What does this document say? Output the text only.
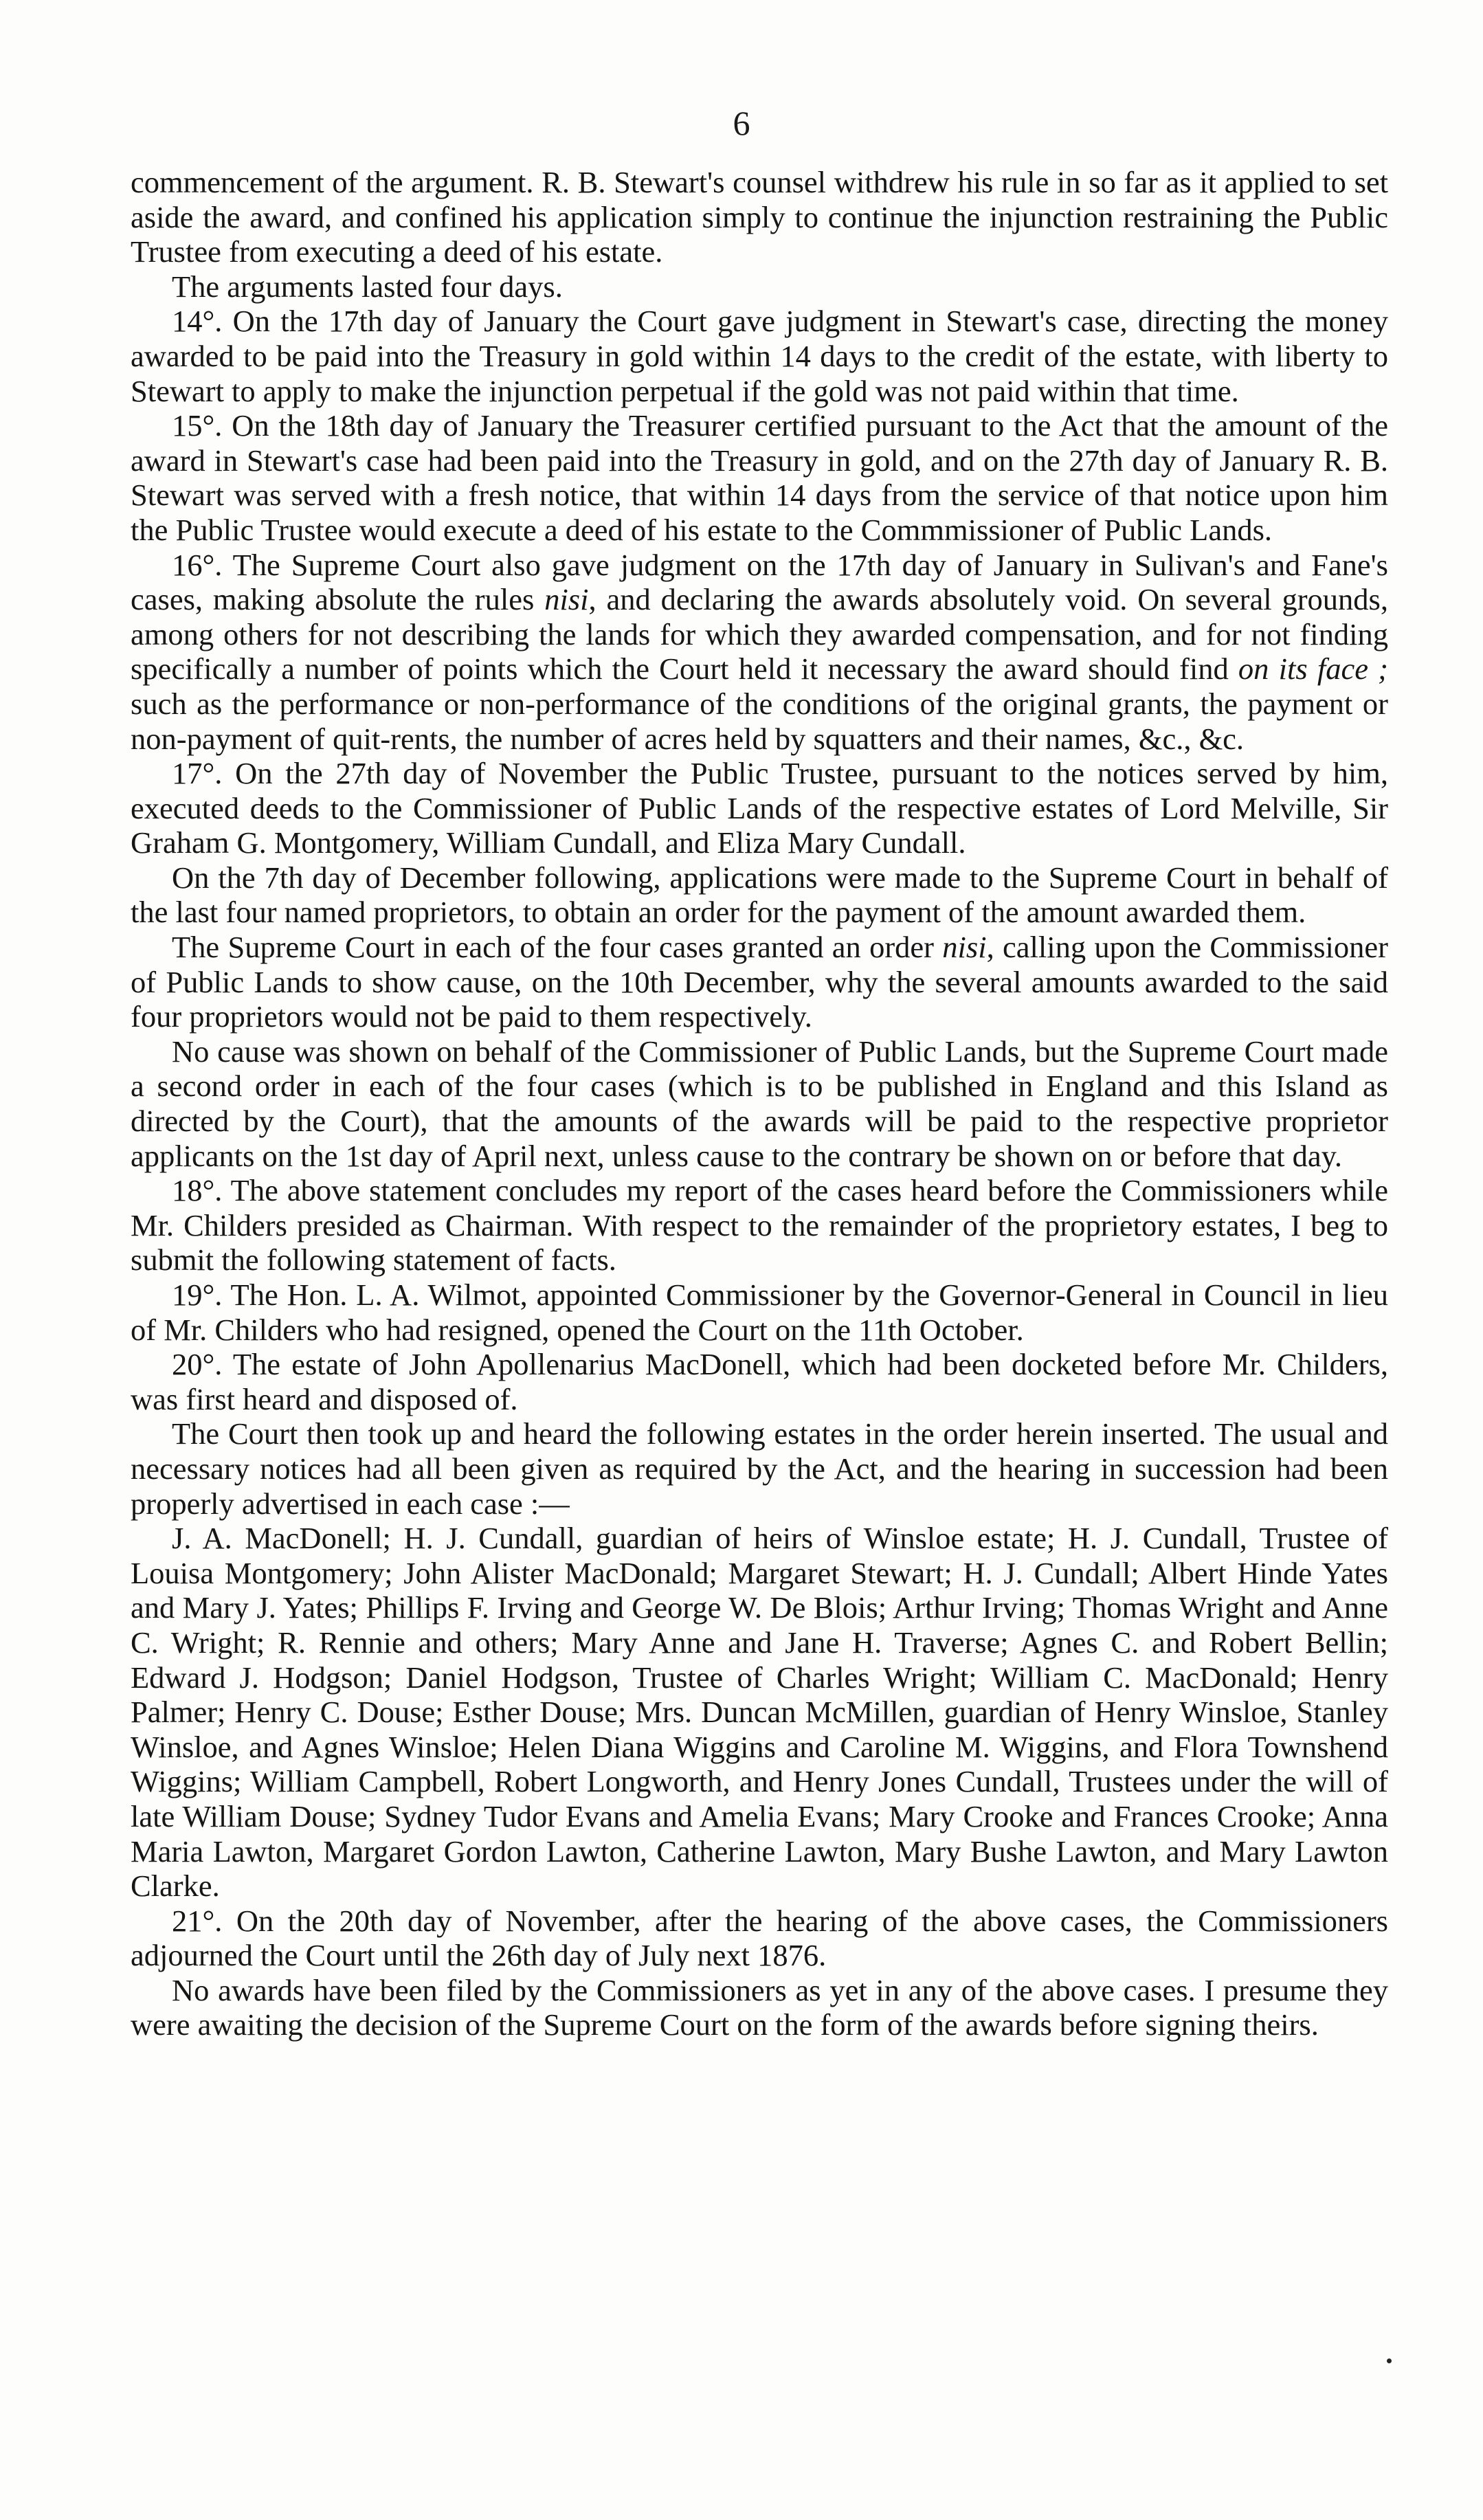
6

commencement of the argument. R. B. Stewart's counsel withdrew his rule in so far as it applied to set aside the award, and confined his application simply to continue the injunction restraining the Public Trustee from executing a deed of his estate.

The arguments lasted four days.

14°. On the 17th day of January the Court gave judgment in Stewart's case, directing the money awarded to be paid into the Treasury in gold within 14 days to the credit of the estate, with liberty to Stewart to apply to make the injunction perpetual if the gold was not paid within that time.

15°. On the 18th day of January the Treasurer certified pursuant to the Act that the amount of the award in Stewart's case had been paid into the Treasury in gold, and on the 27th day of January R. B. Stewart was served with a fresh notice, that within 14 days from the service of that notice upon him the Public Trustee would execute a deed of his estate to the Commmissioner of Public Lands.

16°. The Supreme Court also gave judgment on the 17th day of January in Sulivan's and Fane's cases, making absolute the rules nisi, and declaring the awards absolutely void. On several grounds, among others for not describing the lands for which they awarded compensation, and for not finding specifically a number of points which the Court held it necessary the award should find on its face ; such as the performance or non-performance of the conditions of the original grants, the payment or non-payment of quit-rents, the number of acres held by squatters and their names, &c., &c.

17°. On the 27th day of November the Public Trustee, pursuant to the notices served by him, executed deeds to the Commissioner of Public Lands of the respective estates of Lord Melville, Sir Graham G. Montgomery, William Cundall, and Eliza Mary Cundall.

On the 7th day of December following, applications were made to the Supreme Court in behalf of the last four named proprietors, to obtain an order for the payment of the amount awarded them.

The Supreme Court in each of the four cases granted an order nisi, calling upon the Commissioner of Public Lands to show cause, on the 10th December, why the several amounts awarded to the said four proprietors would not be paid to them respectively.

No cause was shown on behalf of the Commissioner of Public Lands, but the Supreme Court made a second order in each of the four cases (which is to be published in England and this Island as directed by the Court), that the amounts of the awards will be paid to the respective proprietor applicants on the 1st day of April next, unless cause to the contrary be shown on or before that day.

18°. The above statement concludes my report of the cases heard before the Commissioners while Mr. Childers presided as Chairman. With respect to the remainder of the proprietory estates, I beg to submit the following statement of facts.

19°. The Hon. L. A. Wilmot, appointed Commissioner by the Governor-General in Council in lieu of Mr. Childers who had resigned, opened the Court on the 11th October.

20°. The estate of John Apollenarius MacDonell, which had been docketed before Mr. Childers, was first heard and disposed of.

The Court then took up and heard the following estates in the order herein inserted. The usual and necessary notices had all been given as required by the Act, and the hearing in succession had been properly advertised in each case :—

J. A. MacDonell; H. J. Cundall, guardian of heirs of Winsloe estate; H. J. Cundall, Trustee of Louisa Montgomery; John Alister MacDonald; Margaret Stewart; H. J. Cundall; Albert Hinde Yates and Mary J. Yates; Phillips F. Irving and George W. De Blois; Arthur Irving; Thomas Wright and Anne C. Wright; R. Rennie and others; Mary Anne and Jane H. Traverse; Agnes C. and Robert Bellin; Edward J. Hodgson; Daniel Hodgson, Trustee of Charles Wright; William C. MacDonald; Henry Palmer; Henry C. Douse; Esther Douse; Mrs. Duncan McMillen, guardian of Henry Winsloe, Stanley Winsloe, and Agnes Winsloe; Helen Diana Wiggins and Caroline M. Wiggins, and Flora Townshend Wiggins; William Campbell, Robert Longworth, and Henry Jones Cundall, Trustees under the will of late William Douse; Sydney Tudor Evans and Amelia Evans; Mary Crooke and Frances Crooke; Anna Maria Lawton, Margaret Gordon Lawton, Catherine Lawton, Mary Bushe Lawton, and Mary Lawton Clarke.

21°. On the 20th day of November, after the hearing of the above cases, the Commissioners adjourned the Court until the 26th day of July next 1876.

No awards have been filed by the Commissioners as yet in any of the above cases. I presume they were awaiting the decision of the Supreme Court on the form of the awards before signing theirs.
